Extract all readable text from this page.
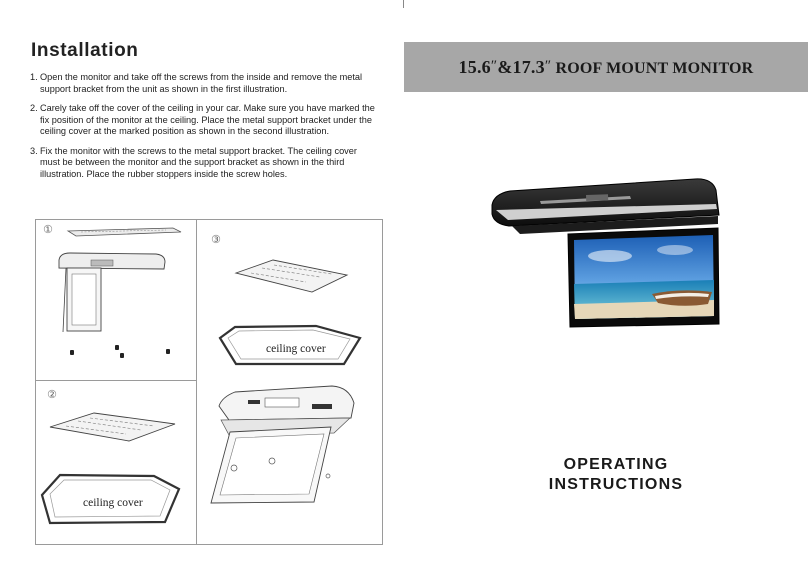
Installation
1. Open the monitor and take off the screws from the inside and remove the metal support bracket from the unit as shown in the first illustration.
2. Carely take off the cover of the ceiling in your car. Make sure you have marked the fix position of the monitor at the ceiling. Place the metal support bracket under the ceiling cover at the marked position as shown in the second illustration.
3. Fix the monitor with the screws to the metal support bracket. The ceiling cover must be between the monitor and the support bracket as shown in the third illustration. Place the rubber stoppers inside the screw holes.
①
②
ceiling cover
③
ceiling cover
15.6″&17.3″ ROOF MOUNT MONITOR
OPERATING
INSTRUCTIONS
